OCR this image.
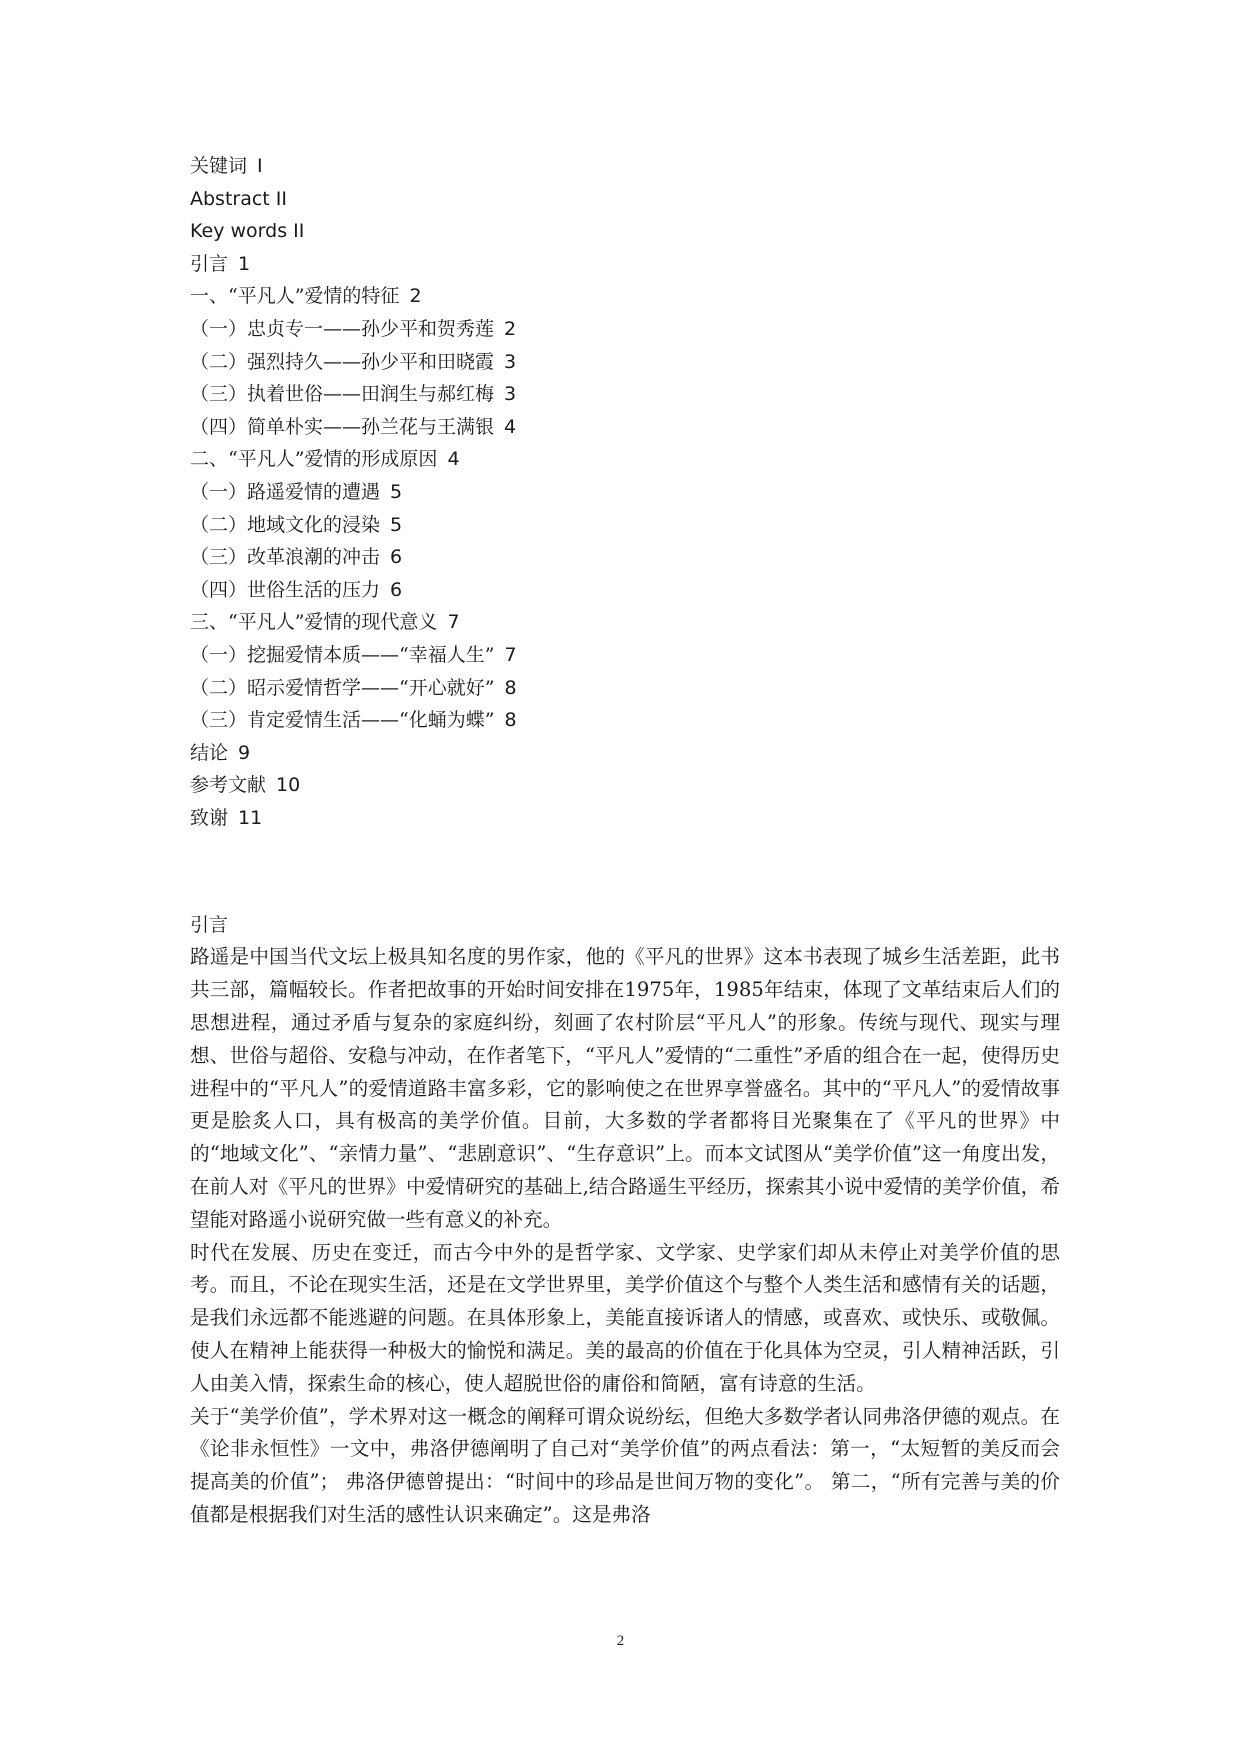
关键词 I
Abstract II
Key words II
引言 1
一、“平凡人”爱情的特征 2
（一）忠贞专一——孙少平和贺秀莲 2
（二）强烈持久——孙少平和田晓霞 3
（三）执着世俗——田润生与郝红梅 3
（四）简单朴实——孙兰花与王满银 4
二、“平凡人”爱情的形成原因 4
（一）路遥爱情的遭遇 5
（二）地域文化的浸染 5
（三）改革浪潮的冲击 6
（四）世俗生活的压力 6
三、“平凡人”爱情的现代意义 7
（一）挖掘爱情本质——“幸福人生” 7
（二）昭示爱情哲学——“开心就好” 8
（三）肯定爱情生活——“化蛹为蝶” 8
结论 9
参考文献 10
致谢 11
引言

路遥是中国当代文坛上极具知名度的男作家，他的《平凡的世界》这本书表现了城乡生活差距，此书共三部，篇幅较长。作者把故事的开始时间安排在1975年，1985年结束，体现了文革结束后人们的思想进程，通过矛盾与复杂的家庭纠纷，刻画了农村阶层“平凡人”的形象。传统与现代、现实与理想、世俗与超俗、安稳与冲动，在作者笔下，“平凡人”爱情的“二重性”矛盾的组合在一起，使得历史进程中的“平凡人”的爱情道路丰富多彩，它的影响使之在世界享誉盛名。其中的“平凡人”的爱情故事更是脍炙人口，具有极高的美学价值。目前，大多数的学者都将目光聚集在了《平凡的世界》中的“地域文化”、“亲情力量”、“悲剧意识”、“生存意识”上。而本文试图从“美学价值”这一角度出发，在前人对《平凡的世界》中爱情研究的基础上,结合路遥生平经历，探索其小说中爱情的美学价值，希望能对路遥小说研究做一些有意义的补充。

时代在发展、历史在变迁，而古今中外的是哲学家、文学家、史学家们却从未停止对美学价值的思考。而且，不论在现实生活，还是在文学世界里，美学价值这个与整个人类生活和感情有关的话题，是我们永远都不能逃避的问题。在具体形象上，美能直接诉诸人的情感，或喜欢、或快乐、或敬佩。使人在精神上能获得一种极大的愉悦和满足。美的最高的价值在于化具体为空灵，引人精神活跃，引人由美入情，探索生命的核心，使人超脱世俗的庸俗和简陋，富有诗意的生活。

关于“美学价值”，学术界对这一概念的阐释可谓众说纷纭，但绝大多数学者认同弗洛伊德的观点。在《论非永恒性》一文中，弗洛伊德阐明了自己对“美学价值”的两点看法：第一，“太短暂的美反而会提高美的价值”； 弗洛伊德曾提出：“时间中的珍品是世间万物的变化”。 第二，“所有完善与美的价值都是根据我们对生活的感性认识来确定”。这是弗洛

2
